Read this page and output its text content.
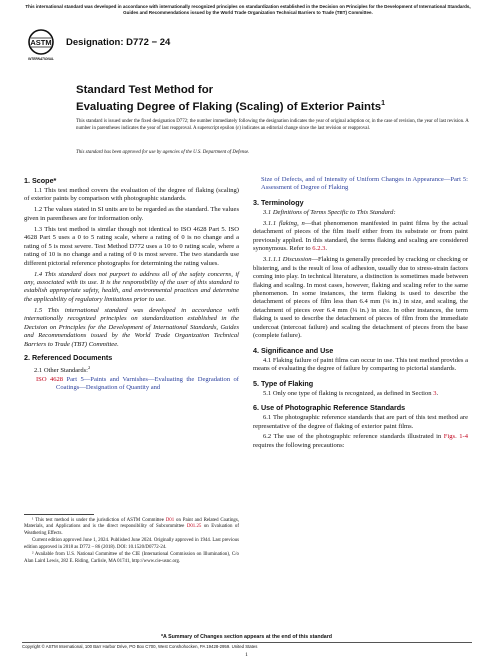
This international standard was developed in accordance with internationally recognized principles on standardization established in the Decision on Principles for the Development of International Standards, Guides and Recommendations issued by the World Trade Organization Technical Barriers to Trade (TBT) Committee.
ASTM
INTERNATIONAL
Designation: D772 − 24
Standard Test Method for
Evaluating Degree of Flaking (Scaling) of Exterior Paints$^1$
This standard is issued under the fixed designation D772; the number immediately following the designation indicates the year of original adoption or, in the case of revision, the year of last revision. A number in parentheses indicates the year of last reapproval. A superscript epsilon (ε) indicates an editorial change since the last revision or reapproval.
This standard has been approved for use by agencies of the U.S. Department of Defense.
1. Scope*
1.1 This test method covers the evaluation of the degree of flaking (scaling) of exterior paints by comparison with photographic standards.
1.2 The values stated in SI units are to be regarded as the standard. The values given in parentheses are for information only.
1.3 This test method is similar though not identical to ISO 4628 Part 5. ISO 4628 Part 5 uses a 0 to 5 rating scale, where a rating of 0 is no change and a rating of 5 is most severe. Test Method D772 uses a 10 to 0 rating scale, where a rating of 10 is no change and a rating of 0 is most severe. The two standards use different pictorial reference photographs for determining the rating values.
1.4 This standard does not purport to address all of the safety concerns, if any, associated with its use. It is the responsibility of the user of this standard to establish appropriate safety, health, and environmental practices and determine the applicability of regulatory limitations prior to use.
1.5 This international standard was developed in accordance with internationally recognized principles on standardization established in the Decision on Principles for the Development of International Standards, Guides and Recommendations issued by the World Trade Organization Technical Barriers to Trade (TBT) Committee.
2. Referenced Documents
2.1 Other Standards:$^2$
ISO 4628 Part 5—Paints and Varnishes—Evaluating the Degradation of Coatings—Designation of Quantity and
Size of Defects, and of Intensity of Uniform Changes in Appearance—Part 5: Assessment of Degree of Flaking
3. Terminology
3.1 Definitions of Terms Specific to This Standard:
3.1.1 flaking, n—that phenomenon manifested in paint films by the actual detachment of pieces of the film itself either from its substrate or from paint previously applied. In this standard, the terms flaking and scaling are considered synonymous. Refer to 6.2.3.
3.1.1.1 Discussion—Flaking is generally preceded by cracking or checking or blistering, and is the result of loss of adhesion, usually due to stress-strain factors coming into play. In technical literature, a distinction is sometimes made between flaking and scaling. In most cases, however, flaking and scaling refer to the same phenomenon. In some instances, the term flaking is used to describe the detachment of pieces of film less than 6.4 mm (¼ in.) in size, and scaling, the detachment of pieces over 6.4 mm (¼ in.) in size. In other instances, the term flaking is used to describe the detachment of pieces of film from the immediate undercoat (intercoat failure) and scaling the detachment of pieces from the base (complete failure).
4. Significance and Use
4.1 Flaking failure of paint films can occur in use. This test method provides a means of evaluating the degree of failure by comparing to pictorial standards.
5. Type of Flaking
5.1 Only one type of flaking is recognized, as defined in Section 3.
6. Use of Photographic Reference Standards
6.1 The photographic reference standards that are part of this test method are representative of the degree of flaking of exterior paint films.
6.2 The use of the photographic reference standards illustrated in Figs. 1-4 requires the following precautions:
¹ This test method is under the jurisdiction of ASTM Committee D01 on Paint and Related Coatings, Materials, and Applications and is the direct responsibility of Subcommittee D01.25 on Evaluation of Weathering Effects.
Current edition approved June 1, 2024. Published June 2024. Originally approved in 1944. Last previous edition approved in 2018 as D772 – 86 (2018). DOI: 10.1520/D0772-24.
² Available from U.S. National Committee of the CIE (International Commission on Illumination), C/o Alan Laird Lewis, 282 E. Riding, Carlisle, MA 01741, http://www.cie-usnc.org.
*A Summary of Changes section appears at the end of this standard
Copyright © ASTM International, 100 Barr Harbor Drive, PO Box C700, West Conshohocken, PA 19428-2959. United States
1
